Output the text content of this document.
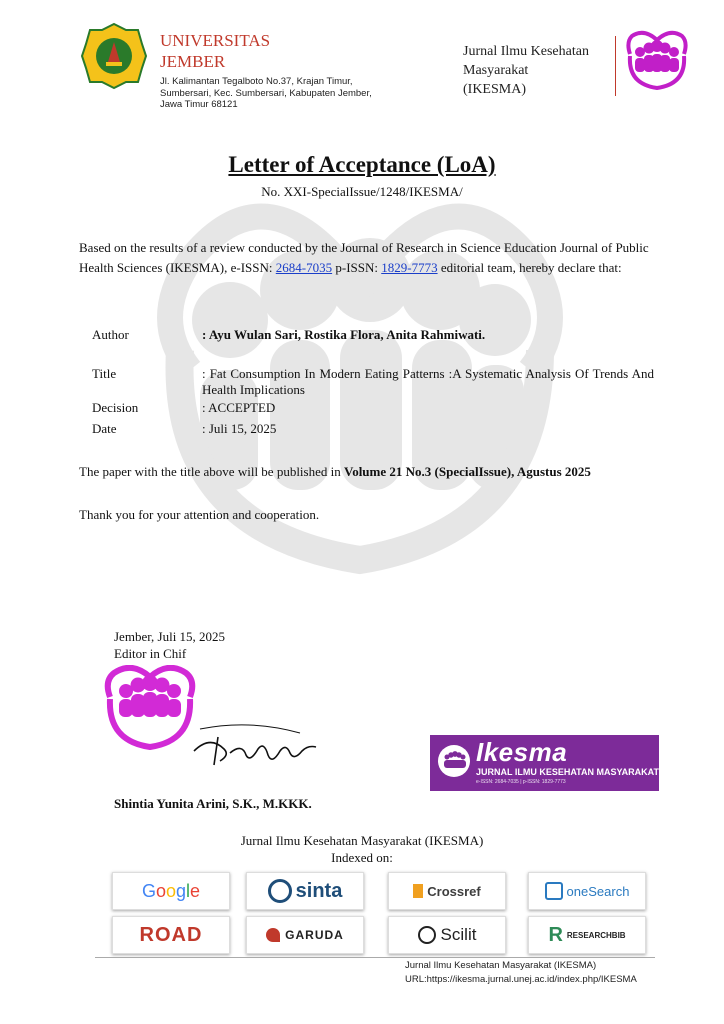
UNIVERSITAS
JEMBER
Jl. Kalimantan Tegalboto No.37, Krajan Timur,
Sumbersari, Kec. Sumbersari, Kabupaten Jember,
Jawa Timur 68121
Jurnal Ilmu Kesehatan
Masyarakat
(IKESMA)
Letter of Acceptance (LoA)
No. XXI-SpecialIssue/1248/IKESMA/
Based on the results of a review conducted by the Journal of Research in Science Education Journal of Public Health Sciences (IKESMA), e-ISSN: 2684-7035 p-ISSN: 1829-7773 editorial team, hereby declare that:
Author	: Ayu Wulan Sari, Rostika Flora, Anita Rahmiwati.
Title	: Fat Consumption In Modern Eating Patterns :A Systematic Analysis Of Trends And Health Implications
Decision	: ACCEPTED
Date	: Juli 15, 2025
The paper with the title above will be published in Volume 21 No.3 (SpecialIssue), Agustus 2025
Thank you for your attention and cooperation.
Jember, Juli 15, 2025
Editor in Chif
Shintia Yunita Arini, S.K., M.KKK.
Ikesma
JURNAL ILMU KESEHATAN MASYARAKAT
e-ISSN: 2684-7035 | p-ISSN: 1829-7773
Jurnal Ilmu Kesehatan Masyarakat (IKESMA)
Indexed on:
Google	sinta	Crossref	oneSearch
ROAD	GARUDA	Scilit	R RESEARCHBIB
Jurnal Ilmu Kesehatan Masyarakat (IKESMA)
URL:https://ikesma.jurnal.unej.ac.id/index.php/IKESMA
